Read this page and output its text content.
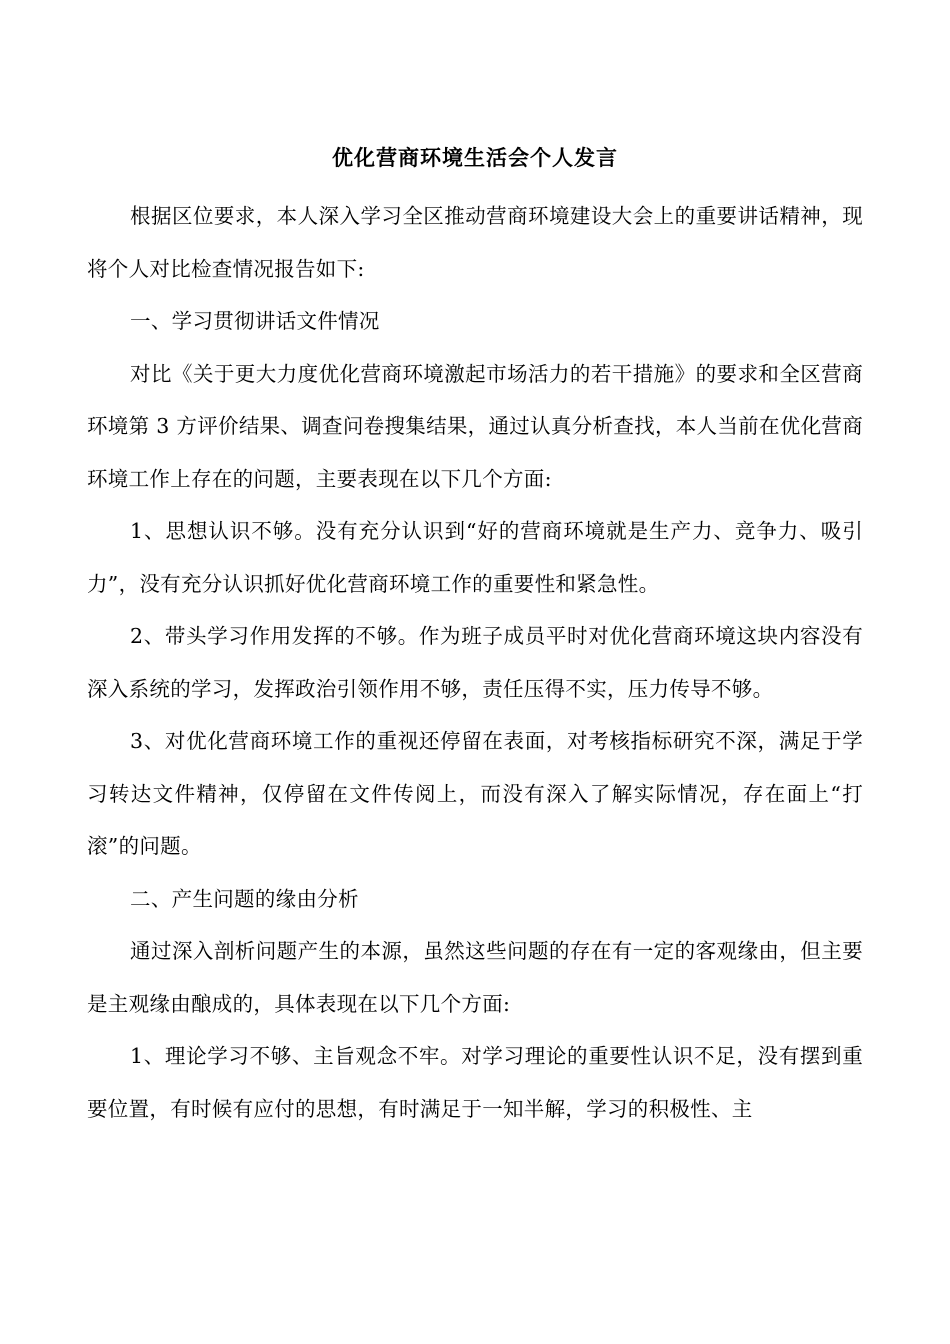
优化营商环境生活会个人发言

根据区位要求，本人深入学习全区推动营商环境建设大会上的重要讲话精神，现将个人对比检查情况报告如下:

一、学习贯彻讲话文件情况

对比《关于更大力度优化营商环境激起市场活力的若干措施》的要求和全区营商环境第 3 方评价结果、调查问卷搜集结果，通过认真分析查找，本人当前在优化营商环境工作上存在的问题，主要表现在以下几个方面:

1、思想认识不够。没有充分认识到“好的营商环境就是生产力、竞争力、吸引力”，没有充分认识抓好优化营商环境工作的重要性和紧急性。

2、带头学习作用发挥的不够。作为班子成员平时对优化营商环境这块内容没有深入系统的学习，发挥政治引领作用不够，责任压得不实，压力传导不够。

3、对优化营商环境工作的重视还停留在表面，对考核指标研究不深，满足于学习转达文件精神，仅停留在文件传阅上，而没有深入了解实际情况，存在面上“打滚”的问题。

二、产生问题的缘由分析

通过深入剖析问题产生的本源，虽然这些问题的存在有一定的客观缘由，但主要是主观缘由酿成的，具体表现在以下几个方面:

1、理论学习不够、主旨观念不牢。对学习理论的重要性认识不足，没有摆到重要位置，有时候有应付的思想，有时满足于一知半解，学习的积极性、主
